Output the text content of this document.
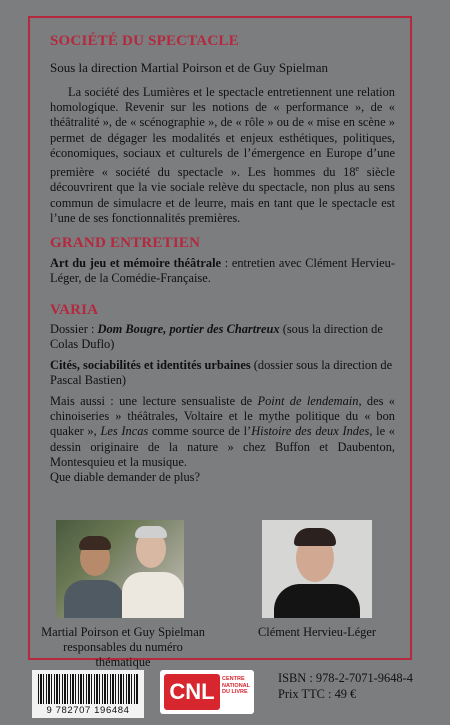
SOCIÉTÉ DU SPECTACLE
Sous la direction Martial Poirson et de Guy Spielman
La société des Lumières et le spectacle entretiennent une relation homologique. Revenir sur les notions de « performance », de « théâtralité », de « scénographie », de « rôle » ou de « mise en scène » permet de dégager les modalités et enjeux esthétiques, politiques, économiques, sociaux et culturels de l’émergence en Europe d’une première « société du spectacle ». Les hommes du 18e siècle découvrirent que la vie sociale relève du spectacle, non plus au sens commun de simulacre et de leurre, mais en tant que le spectacle est l’une de ses fonctionnalités premières.
GRAND ENTRETIEN
Art du jeu et mémoire théâtrale : entretien avec Clément Hervieu-Léger, de la Comédie-Française.
VARIA
Dossier : Dom Bougre, portier des Chartreux (sous la direction de Colas Duflo)
Cités, sociabilités et identités urbaines (dossier sous la direction de Pascal Bastien)
Mais aussi : une lecture sensualiste de Point de lendemain, des « chinoiseries » théâtrales, Voltaire et le mythe politique du « bon quaker », Les Incas comme source de l’Histoire des deux Indes, le « dessin originaire de la nature » chez Buffon et Daubenton, Montesquieu et la musique.
Que diable demander de plus?
Martial Poirson et Guy Spielman
responsables du numéro thématique
Clément Hervieu-Léger
9 782707 196484
CNL	CENTRE
NATIONAL
DU LIVRE
ISBN : 978-2-7071-9648-4
Prix TTC : 49 €
